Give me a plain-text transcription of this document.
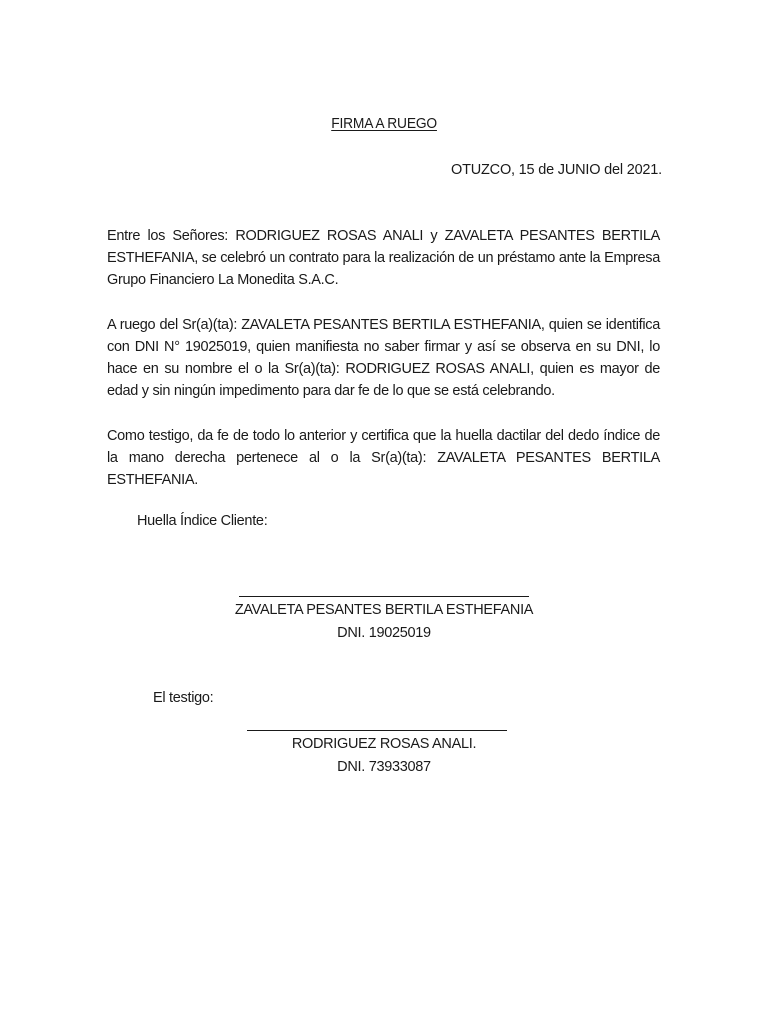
FIRMA A RUEGO
OTUZCO, 15 de JUNIO del 2021.
Entre los Señores: RODRIGUEZ ROSAS ANALI y ZAVALETA PESANTES BERTILA ESTHEFANIA, se celebró un contrato para la realización de un préstamo ante la Empresa Grupo Financiero La Monedita S.A.C.
A ruego del Sr(a)(ta): ZAVALETA PESANTES BERTILA ESTHEFANIA, quien se identifica con DNI N° 19025019, quien manifiesta no saber firmar y así se observa en su DNI, lo hace en su nombre el o la Sr(a)(ta): RODRIGUEZ ROSAS ANALI, quien es mayor de edad y sin ningún impedimento para dar fe de lo que se está celebrando.
Como testigo, da fe de todo lo anterior y certifica que la huella dactilar del dedo índice de la mano derecha pertenece al o la Sr(a)(ta): ZAVALETA PESANTES BERTILA ESTHEFANIA.
Huella Índice Cliente:
ZAVALETA PESANTES BERTILA ESTHEFANIA
DNI. 19025019
El testigo:
RODRIGUEZ ROSAS ANALI.
DNI. 73933087
